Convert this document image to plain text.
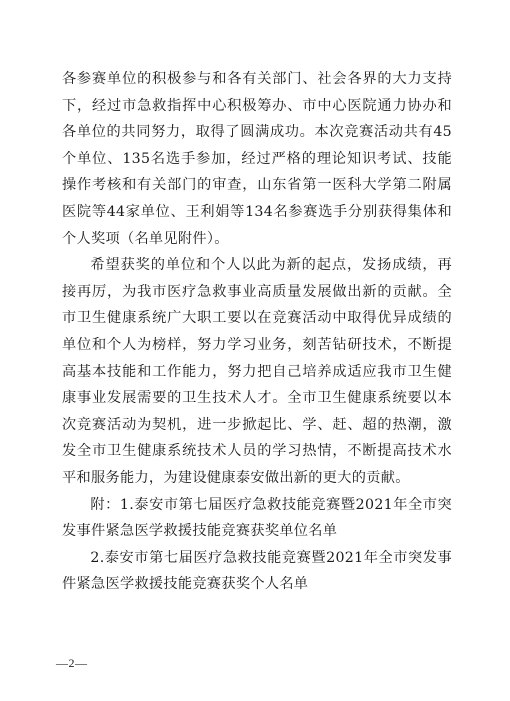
各参赛单位的积极参与和各有关部门、社会各界的大力支持下，经过市急救指挥中心积极筹办、市中心医院通力协办和各单位的共同努力，取得了圆满成功。本次竞赛活动共有45个单位、135名选手参加，经过严格的理论知识考试、技能操作考核和有关部门的审查，山东省第一医科大学第二附属医院等44家单位、王利娟等134名参赛选手分别获得集体和个人奖项（名单见附件）。

希望获奖的单位和个人以此为新的起点，发扬成绩，再接再厉，为我市医疗急救事业高质量发展做出新的贡献。全市卫生健康系统广大职工要以在竞赛活动中取得优异成绩的单位和个人为榜样，努力学习业务，刻苦钻研技术，不断提高基本技能和工作能力，努力把自己培养成适应我市卫生健康事业发展需要的卫生技术人才。全市卫生健康系统要以本次竞赛活动为契机，进一步掀起比、学、赶、超的热潮，激发全市卫生健康系统技术人员的学习热情，不断提高技术水平和服务能力，为建设健康泰安做出新的更大的贡献。

附：1.泰安市第七届医疗急救技能竞赛暨2021年全市突发事件紧急医学救援技能竞赛获奖单位名单

2.泰安市第七届医疗急救技能竞赛暨2021年全市突发事件紧急医学救援技能竞赛获奖个人名单

—2—
